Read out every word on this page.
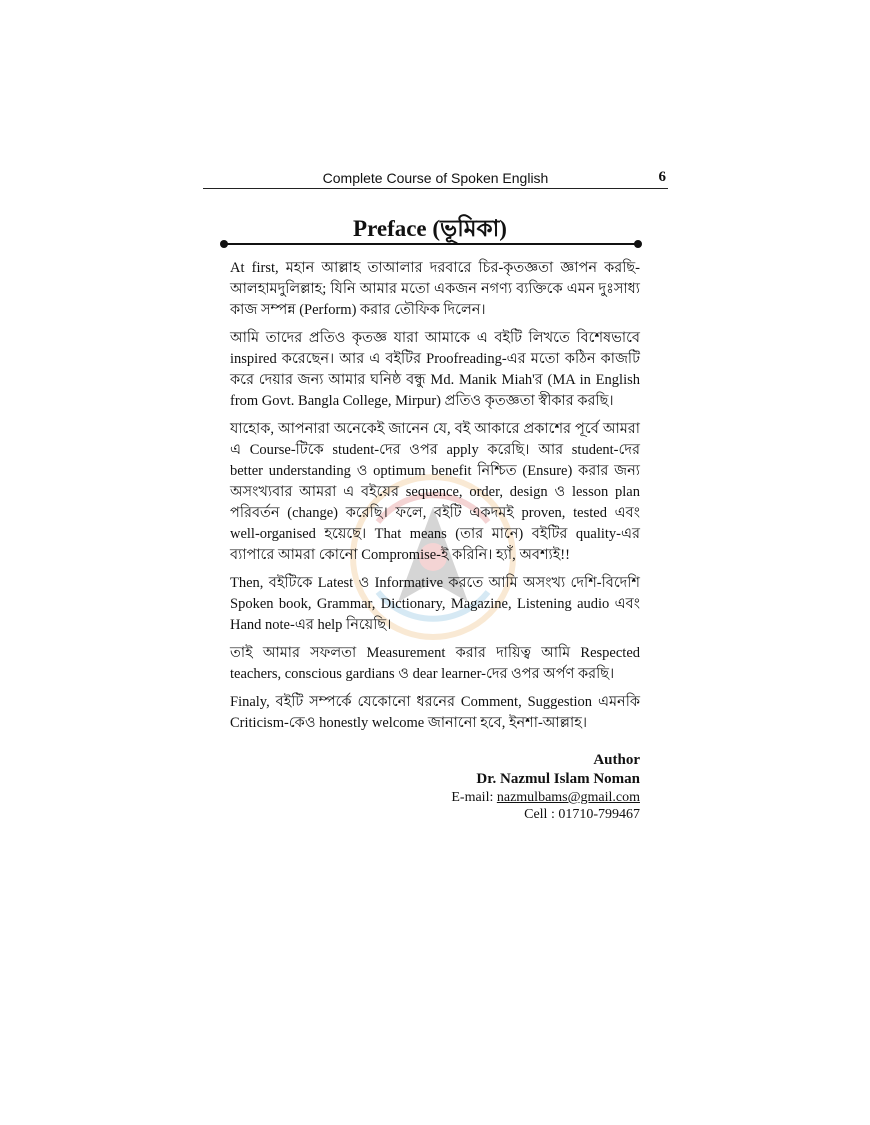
Complete Course of Spoken English	6
Preface (ভূমিকা)

At first, মহান আল্লাহ তাআলার দরবারে চির-কৃতজ্ঞতা জ্ঞাপন করছি- আলহামদুলিল্লাহ; যিনি আমার মতো একজন নগণ্য ব্যক্তিকে এমন দুঃসাধ্য কাজ সম্পন্ন (Perform) করার তৌফিক দিলেন।

আমি তাদের প্রতিও কৃতজ্ঞ যারা আমাকে এ বইটি লিখতে বিশেষভাবে inspired করেছেন। আর এ বইটির Proofreading-এর মতো কঠিন কাজটি করে দেয়ার জন্য আমার ঘনিষ্ঠ বন্ধু Md. Manik Miah'র (MA in English from Govt. Bangla College, Mirpur) প্রতিও কৃতজ্ঞতা স্বীকার করছি।

যাহোক, আপনারা অনেকেই জানেন যে, বই আকারে প্রকাশের পূর্বে আমরা এ Course-টিকে student-দের ওপর apply করেছি। আর student-দের better understanding ও optimum benefit নিশ্চিত (Ensure) করার জন্য অসংখ্যবার আমরা এ বইয়ের sequence, order, design ও lesson plan পরিবর্তন (change) করেছি। ফলে, বইটি একদমই proven, tested এবং well-organised হয়েছে। That means (তার মানে) বইটির quality-এর ব্যাপারে আমরা কোনো Compromise-ই করিনি। হ্যাঁ, অবশ্যই!!

Then, বইটিকে Latest ও Informative করতে আমি অসংখ্য দেশি-বিদেশি Spoken book, Grammar, Dictionary, Magazine, Listening audio এবং Hand note-এর help নিয়েছি।

তাই আমার সফলতা Measurement করার দায়িত্ব আমি Respected teachers, conscious gardians ও dear learner-দের ওপর অর্পণ করছি।

Finaly, বইটি সম্পর্কে যেকোনো ধরনের Comment, Suggestion এমনকি Criticism-কেও honestly welcome জানানো হবে, ইনশা-আল্লাহ।

Author
Dr. Nazmul Islam Noman
E-mail: nazmulbams@gmail.com
Cell : 01710-799467
